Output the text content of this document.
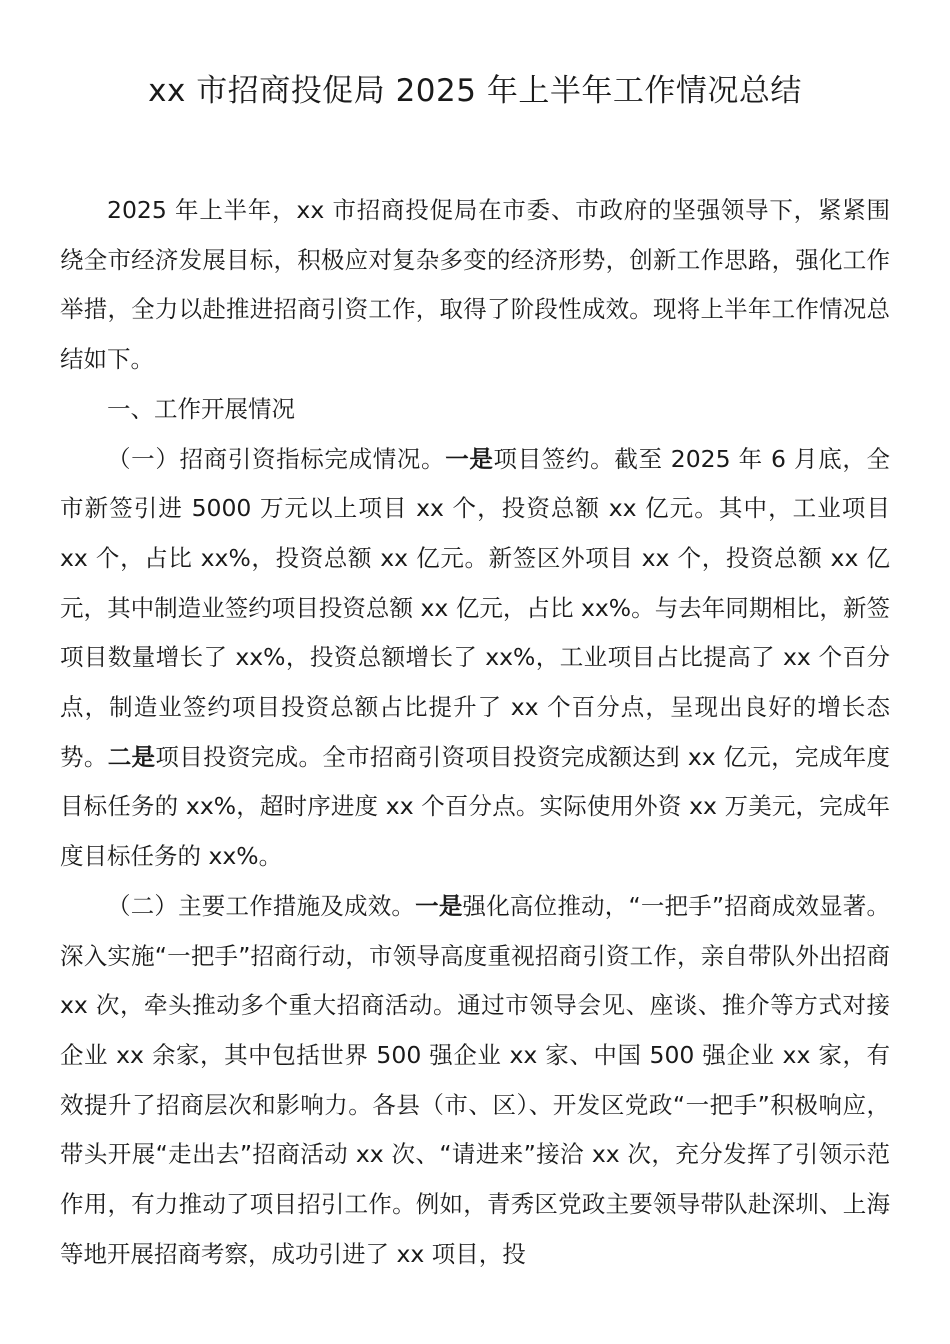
xx 市招商投促局 2025 年上半年工作情况总结

2025 年上半年，xx 市招商投促局在市委、市政府的坚强领导下，紧紧围绕全市经济发展目标，积极应对复杂多变的经济形势，创新工作思路，强化工作举措，全力以赴推进招商引资工作，取得了阶段性成效。现将上半年工作情况总结如下。

一、工作开展情况

（一）招商引资指标完成情况。一是项目签约。截至 2025 年 6 月底，全市新签引进 5000 万元以上项目 xx 个，投资总额 xx 亿元。其中，工业项目 xx 个，占比 xx%，投资总额 xx 亿元。新签区外项目 xx 个，投资总额 xx 亿元，其中制造业签约项目投资总额 xx 亿元，占比 xx%。与去年同期相比，新签项目数量增长了 xx%，投资总额增长了 xx%，工业项目占比提高了 xx 个百分点，制造业签约项目投资总额占比提升了 xx 个百分点，呈现出良好的增长态势。二是项目投资完成。全市招商引资项目投资完成额达到 xx 亿元，完成年度目标任务的 xx%，超时序进度 xx 个百分点。实际使用外资 xx 万美元，完成年度目标任务的 xx%。

（二）主要工作措施及成效。一是强化高位推动，“一把手”招商成效显著。深入实施“一把手”招商行动，市领导高度重视招商引资工作，亲自带队外出招商 xx 次，牵头推动多个重大招商活动。通过市领导会见、座谈、推介等方式对接企业 xx 余家，其中包括世界 500 强企业 xx 家、中国 500 强企业 xx 家，有效提升了招商层次和影响力。各县（市、区）、开发区党政“一把手”积极响应，带头开展“走出去”招商活动 xx 次、“请进来”接洽 xx 次，充分发挥了引领示范作用，有力推动了项目招引工作。例如，青秀区党政主要领导带队赴深圳、上海等地开展招商考察，成功引进了 xx 项目，投
